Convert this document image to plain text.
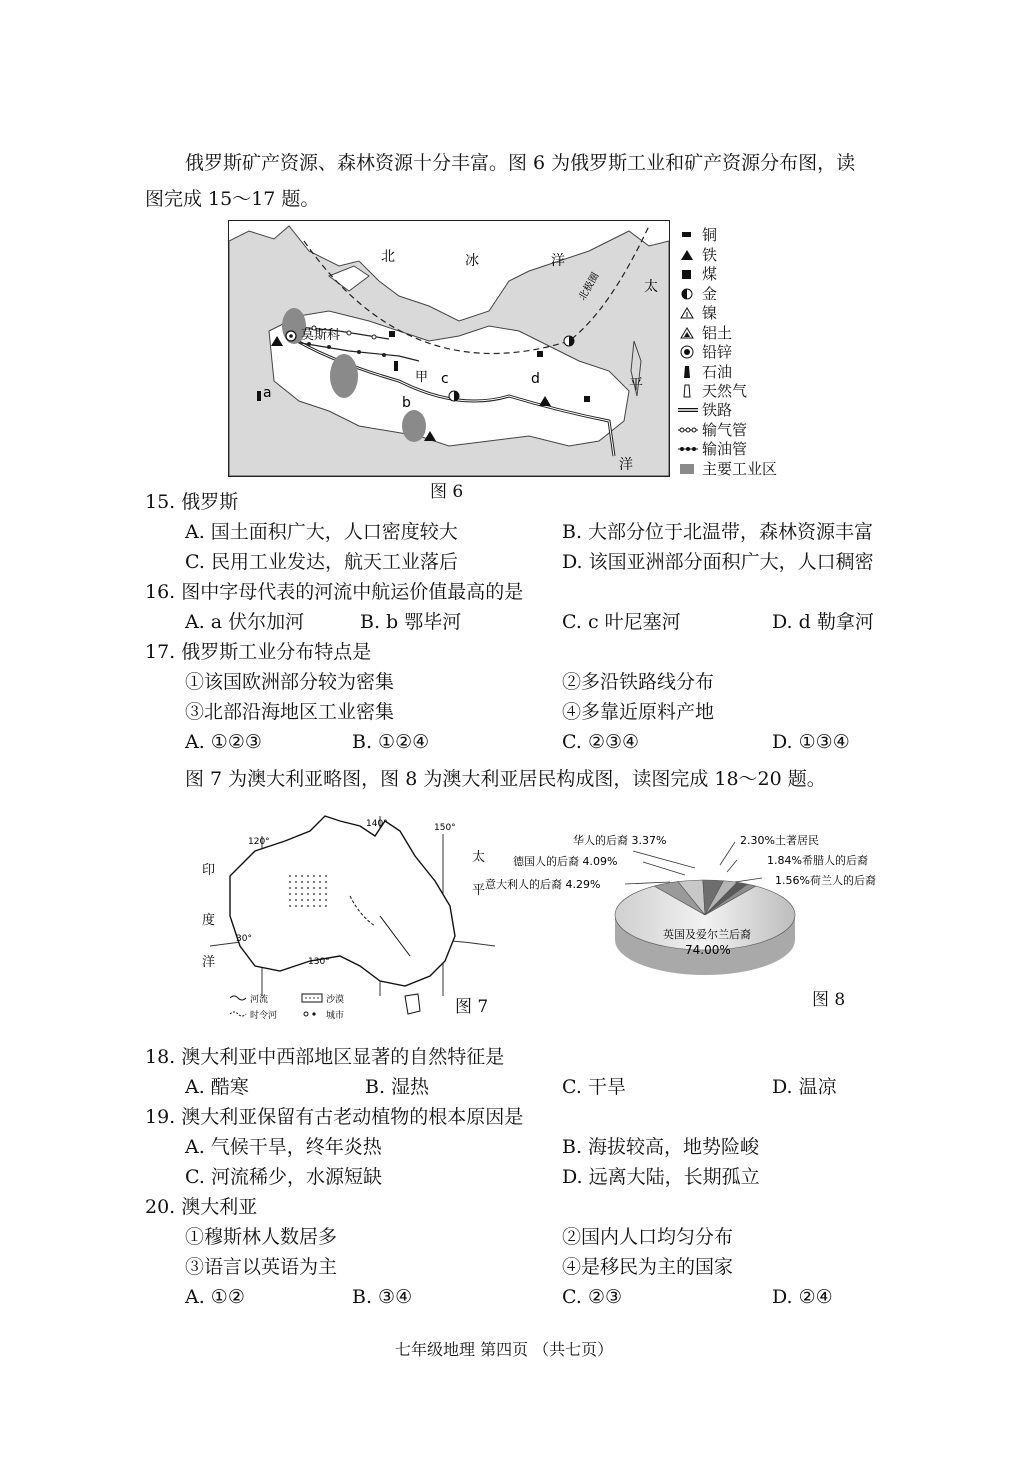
俄罗斯矿产资源、森林资源十分丰富。图 6 为俄罗斯工业和矿产资源分布图，读
图完成 15～17 题。
北	冰	洋
莫斯科
甲
a
b
c	d
太
平
洋
北极圈
铜
铁
煤
金
镍
铝土
铅锌
石油
天然气
铁路
输气管
输油管
主要工业区
图 6
15. 俄罗斯
A. 国土面积广大，人口密度较大	B. 大部分位于北温带，森林资源丰富
C. 民用工业发达，航天工业落后	D. 该国亚洲部分面积广大，人口稠密
16. 图中字母代表的河流中航运价值最高的是
A. a 伏尔加河	B. b 鄂毕河	C. c 叶尼塞河	D. d 勒拿河
17. 俄罗斯工业分布特点是
①该国欧洲部分较为密集	②多沿铁路线分布
③北部沿海地区工业密集	④多靠近原料产地
A. ①②③	B. ①②④	C. ②③④	D. ①③④
图 7 为澳大利亚略图，图 8 为澳大利亚居民构成图，读图完成 18～20 题。
120°
140°	150°
130°
30°
印
度
洋
太
平
河流	沙漠
时令河	城市	图 7
华人的后裔 3.37%
德国人的后裔 4.09%
意大利人的后裔 4.29%
2.30%土著居民
1.84%希腊人的后裔
1.56%荷兰人的后裔
英国及爱尔兰后裔
74.00%
图 8
18. 澳大利亚中西部地区显著的自然特征是
A. 酷寒	B. 湿热	C. 干旱	D. 温凉
19. 澳大利亚保留有古老动植物的根本原因是
A. 气候干旱，终年炎热	B. 海拔较高，地势险峻
C. 河流稀少，水源短缺	D. 远离大陆，长期孤立
20. 澳大利亚
①穆斯林人数居多	②国内人口均匀分布
③语言以英语为主	④是移民为主的国家
A. ①②	B. ③④	C. ②③	D. ②④
七年级地理 第四页 （共七页）
